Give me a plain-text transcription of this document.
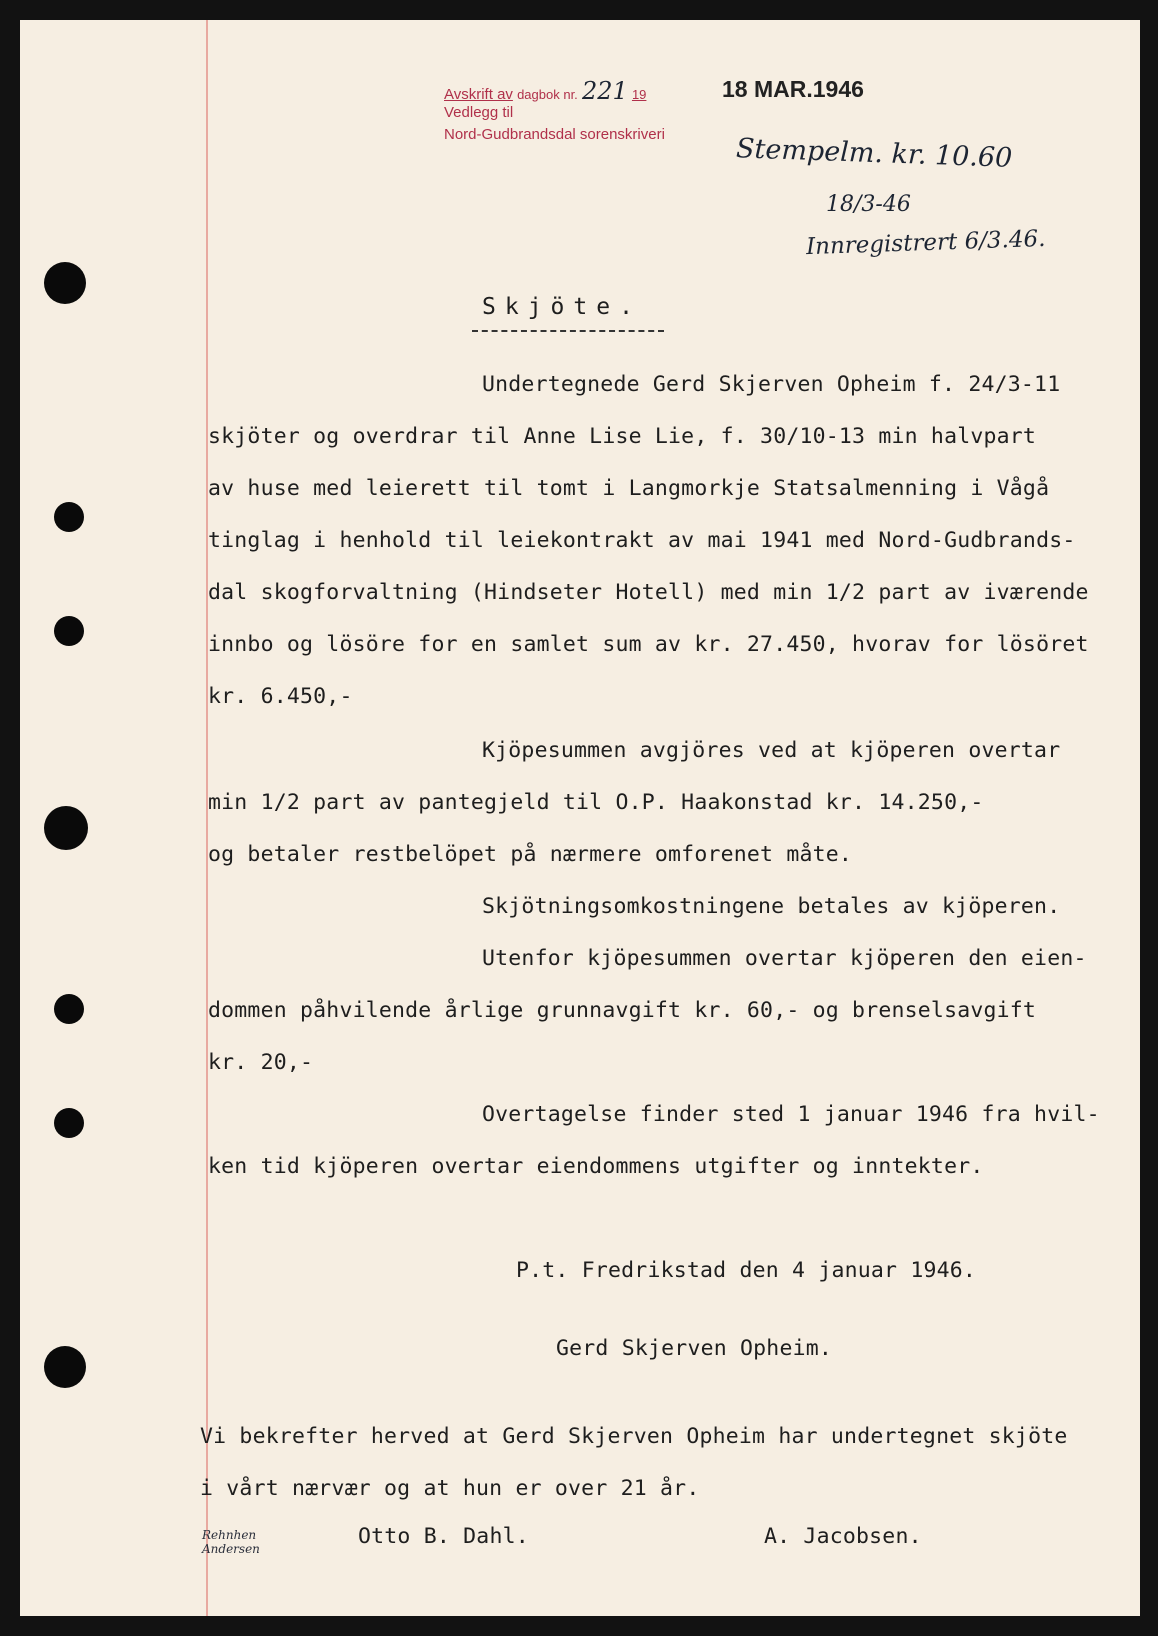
Avskrift av dagbok nr. 221 19
Vedlegg til
Nord-Gudbrandsdal sorenskriveri
18 MAR.1946
Stempelm. kr. 10.60
18/3-46
Innregistrert 6/3.46.
Skjöte.
Undertegnede Gerd Skjerven Opheim f. 24/3-11
skjöter og overdrar til Anne Lise Lie, f. 30/10-13 min halvpart
av huse med leierett til tomt i Langmorkje Statsalmenning i Vågå
tinglag i henhold til leiekontrakt av mai 1941 med Nord-Gudbrands-
dal skogforvaltning (Hindseter Hotell) med min 1/2 part av iværende
innbo og lösöre for en samlet sum av kr. 27.450, hvorav for lösöret
kr. 6.450,-
Kjöpesummen avgjöres ved at kjöperen overtar
min 1/2 part av pantegjeld til O.P. Haakonstad kr. 14.250,-
og betaler restbelöpet på nærmere omforenet måte.
Skjötningsomkostningene betales av kjöperen.
Utenfor kjöpesummen overtar kjöperen den eien-
dommen påhvilende årlige grunnavgift kr. 60,- og brenselsavgift
kr. 20,-
Overtagelse finder sted 1 januar 1946 fra hvil-
ken tid kjöperen overtar eiendommens utgifter og inntekter.
P.t. Fredrikstad den 4 januar 1946.
Gerd Skjerven Opheim.
Vi bekrefter herved at Gerd Skjerven Opheim har undertegnet skjöte
i vårt nærvær og at hun er over 21 år.
Otto B. Dahl.	A. Jacobsen.
Rehnhen
Andersen
